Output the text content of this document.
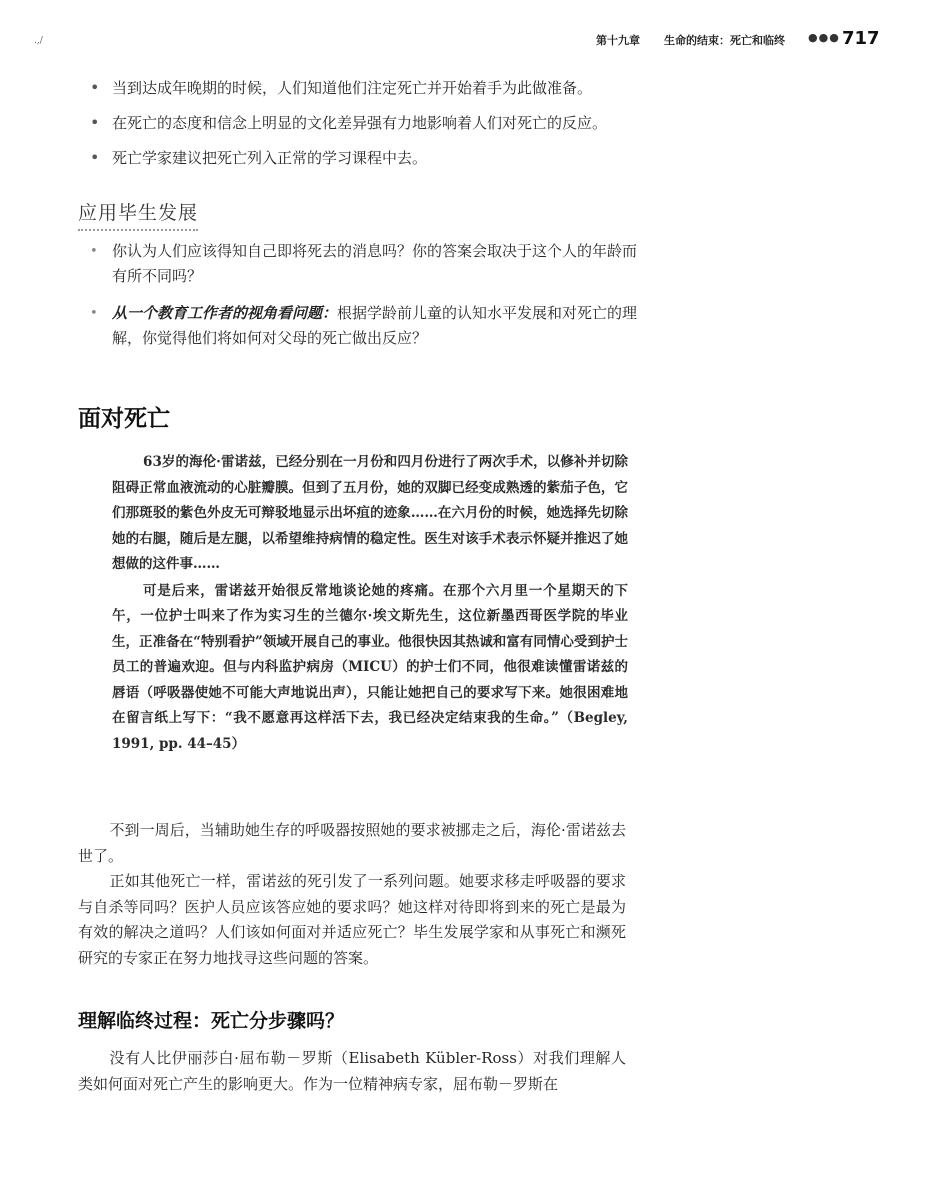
.,/	第十九章 生命的结束：死亡和临终 ●●● 717
• 当到达成年晚期的时候，人们知道他们注定死亡并开始着手为此做准备。
• 在死亡的态度和信念上明显的文化差异强有力地影响着人们对死亡的反应。
• 死亡学家建议把死亡列入正常的学习课程中去。
应用毕生发展
• 你认为人们应该得知自己即将死去的消息吗？你的答案会取决于这个人的年龄而有所不同吗？
• 从一个教育工作者的视角看问题：根据学龄前儿童的认知水平发展和对死亡的理解，你觉得他们将如何对父母的死亡做出反应？
面对死亡

63岁的海伦·雷诺兹，已经分别在一月份和四月份进行了两次手术，以修补并切除阻碍正常血液流动的心脏瓣膜。但到了五月份，她的双脚已经变成熟透的紫茄子色，它们那斑驳的紫色外皮无可辩驳地显示出坏疽的迹象……在六月份的时候，她选择先切除她的右腿，随后是左腿，以希望维持病情的稳定性。医生对该手术表示怀疑并推迟了她想做的这件事……

可是后来，雷诺兹开始很反常地谈论她的疼痛。在那个六月里一个星期天的下午，一位护士叫来了作为实习生的兰德尔·埃文斯先生，这位新墨西哥医学院的毕业生，正准备在“特别看护”领域开展自己的事业。他很快因其热诚和富有同情心受到护士员工的普遍欢迎。但与内科监护病房（MICU）的护士们不同，他很难读懂雷诺兹的唇语（呼吸器使她不可能大声地说出声），只能让她把自己的要求写下来。她很困难地在留言纸上写下：“我不愿意再这样活下去，我已经决定结束我的生命。”（Begley, 1991, pp. 44–45）

不到一周后，当辅助她生存的呼吸器按照她的要求被挪走之后，海伦·雷诺兹去世了。

正如其他死亡一样，雷诺兹的死引发了一系列问题。她要求移走呼吸器的要求与自杀等同吗？医护人员应该答应她的要求吗？她这样对待即将到来的死亡是最为有效的解决之道吗？人们该如何面对并适应死亡？毕生发展学家和从事死亡和濒死研究的专家正在努力地找寻这些问题的答案。

理解临终过程：死亡分步骤吗？

没有人比伊丽莎白·屈布勒－罗斯（Elisabeth Kübler-Ross）对我们理解人类如何面对死亡产生的影响更大。作为一位精神病专家，屈布勒－罗斯在
